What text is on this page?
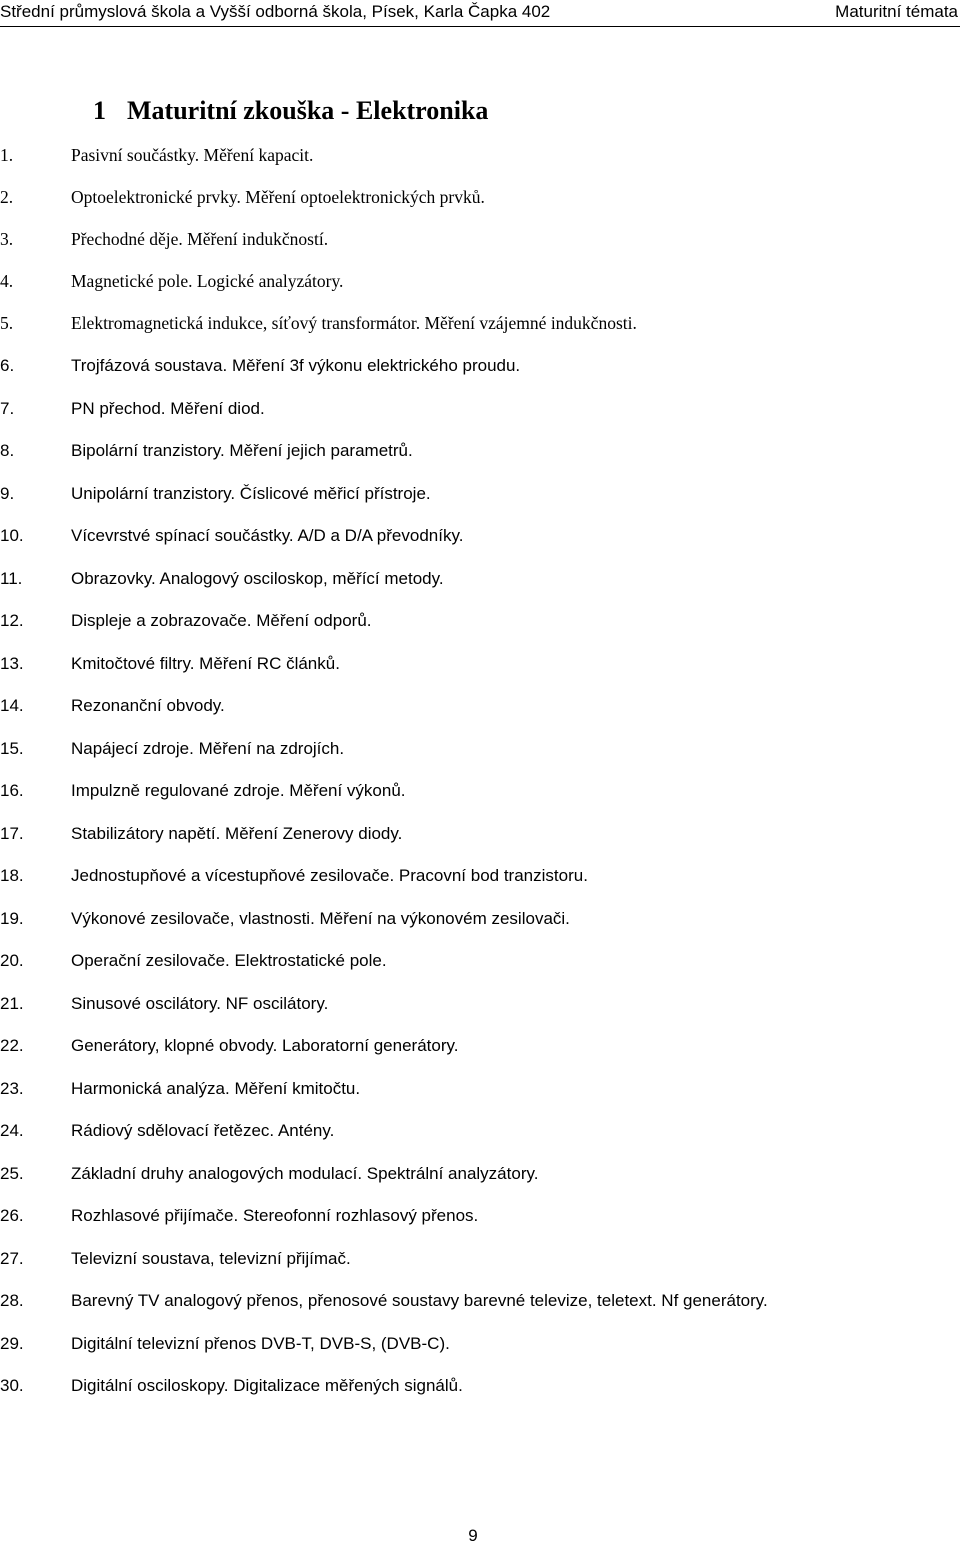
Střední průmyslová škola a Vyšší odborná škola, Písek, Karla Čapka 402	Maturitní témata
1 Maturitní zkouška - Elektronika
1.	Pasivní součástky. Měření kapacit.
2.	Optoelektronické prvky. Měření optoelektronických prvků.
3.	Přechodné děje. Měření indukčností.
4.	Magnetické pole. Logické analyzátory.
5.	Elektromagnetická indukce, síťový transformátor. Měření vzájemné indukčnosti.
6.	Trojfázová soustava. Měření 3f výkonu elektrického proudu.
7.	PN přechod. Měření diod.
8.	Bipolární tranzistory. Měření jejich parametrů.
9.	Unipolární tranzistory. Číslicové měřicí přístroje.
10.	Vícevrstvé spínací součástky. A/D a D/A převodníky.
11.	Obrazovky. Analogový osciloskop, měřící metody.
12.	Displeje a zobrazovače. Měření odporů.
13.	Kmitočtové filtry. Měření RC článků.
14.	Rezonanční obvody.
15.	Napájecí zdroje. Měření na zdrojích.
16.	Impulzně regulované zdroje. Měření výkonů.
17.	Stabilizátory napětí. Měření Zenerovy diody.
18.	Jednostupňové a vícestupňové zesilovače. Pracovní bod tranzistoru.
19.	Výkonové zesilovače, vlastnosti. Měření na výkonovém zesilovači.
20.	Operační zesilovače. Elektrostatické pole.
21.	Sinusové oscilátory. NF oscilátory.
22.	Generátory, klopné obvody. Laboratorní generátory.
23.	Harmonická analýza. Měření kmitočtu.
24.	Rádiový sdělovací řetězec. Antény.
25.	Základní druhy analogových modulací. Spektrální analyzátory.
26.	Rozhlasové přijímače. Stereofonní rozhlasový přenos.
27.	Televizní soustava, televizní přijímač.
28.	Barevný TV analogový přenos, přenosové soustavy barevné televize, teletext. Nf generátory.
29.	Digitální televizní přenos DVB-T, DVB-S, (DVB-C).
30.	Digitální osciloskopy. Digitalizace měřených signálů.
9
